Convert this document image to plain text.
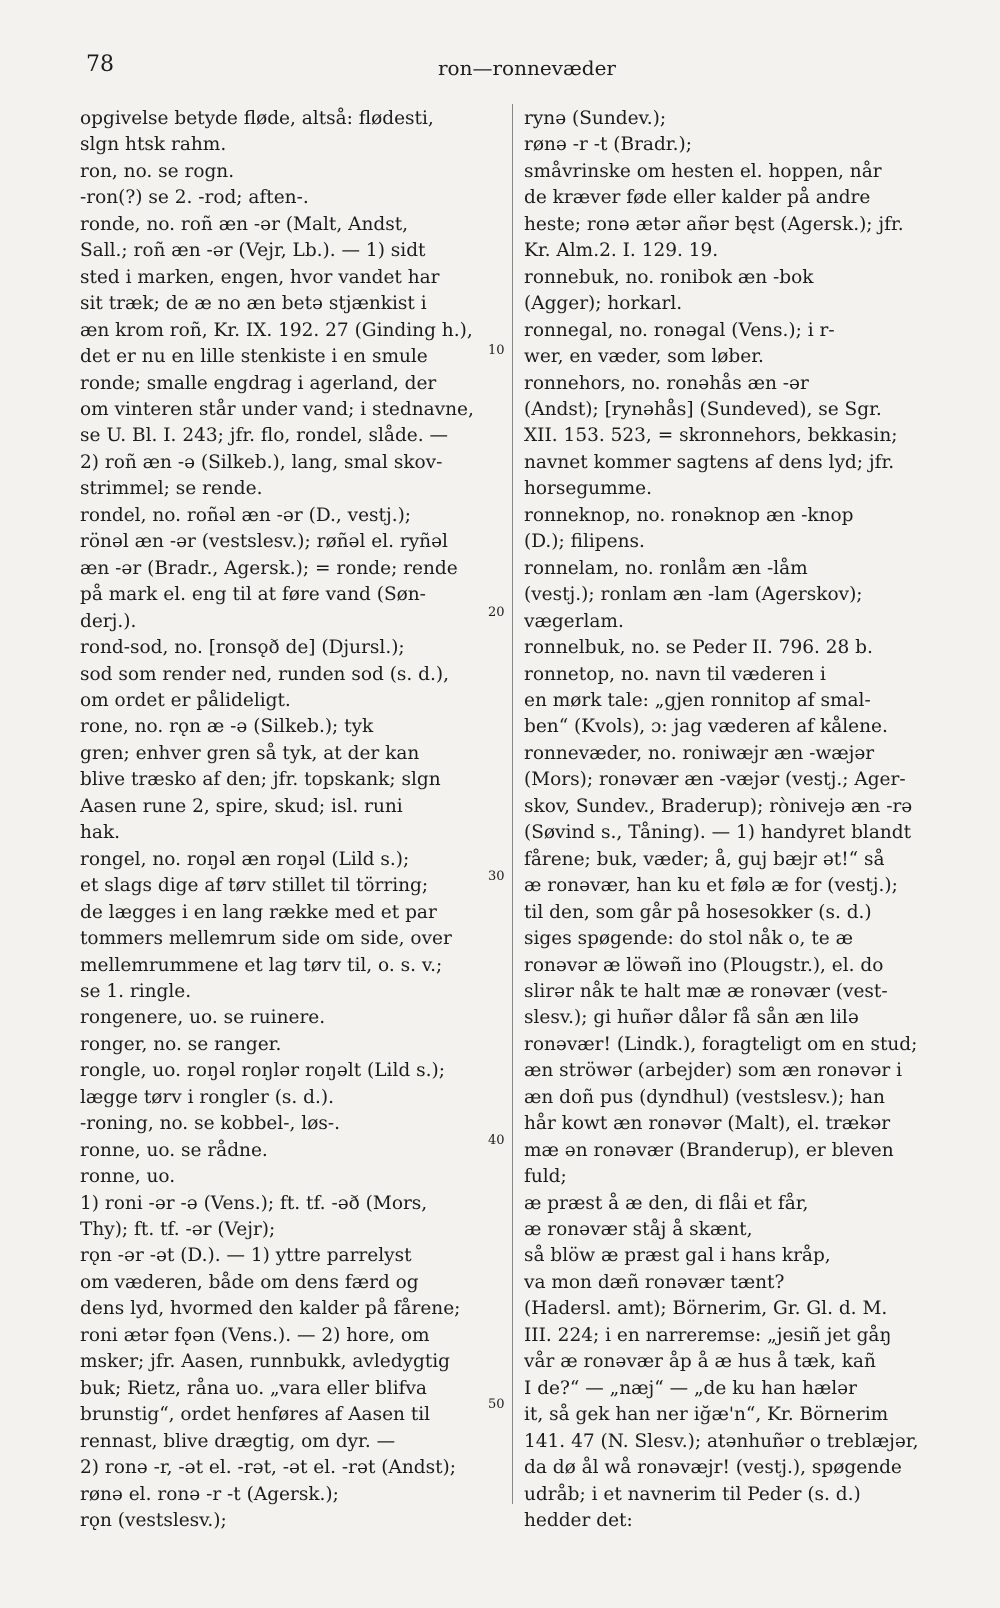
78	ron—ronnevæder
10
20
30
40
50
opgivelse betyde fløde, altså: flødesti,
slgn htsk rahm.
ron, no. se rogn.
-ron(?) se 2. -rod; aften-.
ronde, no. roñ æn -ər (Malt, Andst,
Sall.; roñ æn -ər (Vejr, Lb.). — 1) sidt
sted i marken, engen, hvor vandet har
sit træk; de æ no æn betə stjænkist i
æn krom roñ, Kr. IX. 192. 27 (Ginding h.),
det er nu en lille stenkiste i en smule
ronde; smalle engdrag i agerland, der
om vinteren står under vand; i stednavne,
se U. Bl. I. 243; jfr. flo, rondel, slåde. —
2) roñ æn -ə (Silkeb.), lang, smal skov-
strimmel; se rende.
rondel, no. roñəl æn -ər (D., vestj.);
rönəl æn -ər (vestslesv.); røñəl el. ryñəl
æn -ər (Bradr., Agersk.); = ronde; rende
på mark el. eng til at føre vand (Søn-
derj.).
rond-sod, no. [ronsǫð de] (Djursl.);
sod som render ned, runden sod (s. d.),
om ordet er pålideligt.
rone, no. rǫn æ -ə (Silkeb.); tyk
gren; enhver gren så tyk, at der kan
blive træsko af den; jfr. topskank; slgn
Aasen rune 2, spire, skud; isl. runi
hak.
rongel, no. roŋəl æn roŋəl (Lild s.);
et slags dige af tørv stillet til törring;
de lægges i en lang række med et par
tommers mellemrum side om side, over
mellemrummene et lag tørv til, o. s. v.;
se 1. ringle.
rongenere, uo. se ruinere.
ronger, no. se ranger.
rongle, uo. roŋəl roŋlər roŋəlt (Lild s.);
lægge tørv i rongler (s. d.).
-roning, no. se kobbel-, løs-.
ronne, uo. se rådne.
ronne, uo.
1) roni -ər -ə (Vens.); ft. tf. -əð (Mors,
Thy); ft. tf. -ər (Vejr);
rǫn -ər -ət (D.). — 1) yttre parrelyst
om væderen, både om dens færd og
dens lyd, hvormed den kalder på fårene;
roni ætər fǫən (Vens.). — 2) hore, om
msker; jfr. Aasen, runnbukk, avledygtig
buk; Rietz, råna uo. „vara eller blifva
brunstig“, ordet henføres af Aasen til
rennast, blive drægtig, om dyr. —
2) ronə -r, -ət el. -rət, -ət el. -rət (Andst);
rønə el. ronə -r -t (Agersk.);
rǫn (vestslesv.);
rynə (Sundev.);
rønə -r -t (Bradr.);
småvrinske om hesten el. hoppen, når
de kræver føde eller kalder på andre
heste; ronə ætər añər bęst (Agersk.); jfr.
Kr. Alm.2. I. 129. 19.
ronnebuk, no. ronibok æn -bok
(Agger); horkarl.
ronnegal, no. ronəgal (Vens.); i r-
wer, en væder, som løber.
ronnehors, no. ronəhås æn -ər
(Andst); [rynəhås] (Sundeved), se Sgr.
XII. 153. 523, = skronnehors, bekkasin;
navnet kommer sagtens af dens lyd; jfr.
horsegumme.
ronneknop, no. ronəknop æn -knop
(D.); filipens.
ronnelam, no. ronlåm æn -låm
(vestj.); ronlam æn -lam (Agerskov);
vægerlam.
ronnelbuk, no. se Peder II. 796. 28 b.
ronnetop, no. navn til væderen i
en mørk tale: „gjen ronnitop af smal-
ben“ (Kvols), ɔ: jag væderen af kålene.
ronnevæder, no. roniwæjr æn -wæjər
(Mors); ronəvær æn -væjər (vestj.; Ager-
skov, Sundev., Braderup); rònivejə æn -rə
(Søvind s., Tåning). — 1) handyret blandt
fårene; buk, væder; å, guj bæjr ət!“ så
æ ronəvær, han ku et følə æ for (vestj.);
til den, som går på hosesokker (s. d.)
siges spøgende: do stol nåk o, te æ
ronəvər æ löwəñ ino (Plougstr.), el. do
slirər nåk te halt mæ æ ronəvær (vest-
slesv.); gi huñər dålər få sån æn lilə
ronəvær! (Lindk.), foragteligt om en stud;
æn ströwər (arbejder) som æn ronəvər i
æn doñ pus (dyndhul) (vestslesv.); han
hår kowt æn ronəvər (Malt), el. trækər
mæ ən ronəvær (Branderup), er bleven
fuld;
æ præst å æ den, di flåi et får,
æ ronəvær ståj å skænt,
så blöw æ præst gal i hans kråp,
va mon dæñ ronəvær tænt?
(Hadersl. amt); Börnerim, Gr. Gl. d. M.
III. 224; i en narreremse: „jesiñ jet gåŋ
vår æ ronəvær åp å æ hus å tæk, kañ
I de?“ — „næj“ — „de ku han hælər
it, så gek han ner iğæ'n“, Kr. Börnerim
141. 47 (N. Slesv.); atənhuñər o treblæjər,
da dø ål wå ronəvæjr! (vestj.), spøgende
udråb; i et navnerim til Peder (s. d.)
hedder det:
